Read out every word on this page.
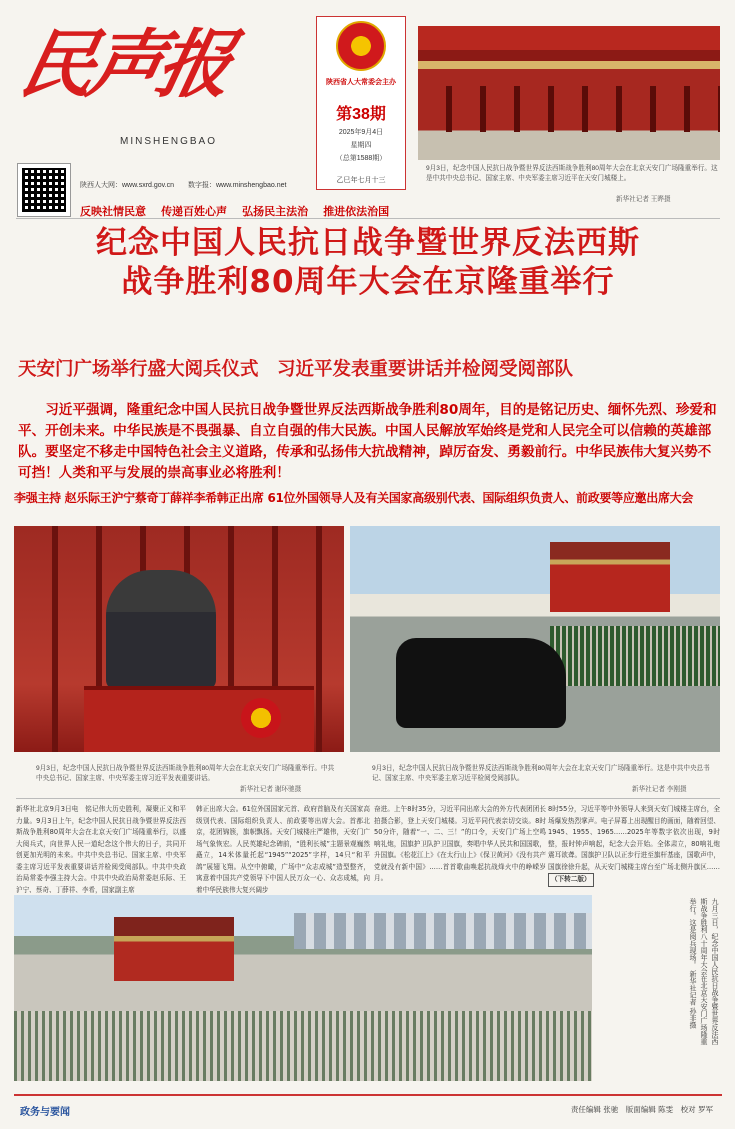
民声报
MINSHENGBAO
陕西省人大常委会主办
第38期
2025年9月4日
星期四
（总第1588期）
乙巳年七月十三
陕西人大网：www.sxrd.gov.cn　　数字报：www.minshengbao.net
反映社情民意 传递百姓心声 弘扬民主法治 推进依法治国
9月3日，纪念中国人民抗日战争暨世界反法西斯战争胜利80周年大会在北京天安门广场隆重举行。这是中共中央总书记、国家主席、中央军委主席习近平在天安门城楼上。
新华社记者 王晔摄
纪念中国人民抗日战争暨世界反法西斯
战争胜利80周年大会在京隆重举行
天安门广场举行盛大阅兵仪式　习近平发表重要讲话并检阅受阅部队
习近平强调，隆重纪念中国人民抗日战争暨世界反法西斯战争胜利80周年，目的是铭记历史、缅怀先烈、珍爱和平、开创未来。中华民族是不畏强暴、自立自强的伟大民族。中国人民解放军始终是党和人民完全可以信赖的英雄部队。要坚定不移走中国特色社会主义道路，传承和弘扬伟大抗战精神，踔厉奋发、勇毅前行。中华民族伟大复兴势不可挡！人类和平与发展的崇高事业必将胜利！
李强主持 赵乐际王沪宁蔡奇丁薛祥李希韩正出席 61位外国领导人及有关国家高级别代表、国际组织负责人、前政要等应邀出席大会
9月3日，纪念中国人民抗日战争暨世界反法西斯战争胜利80周年大会在北京天安门广场隆重举行。中共中央总书记、国家主席、中央军委主席习近平发表重要讲话。
新华社记者 谢环驰摄
9月3日，纪念中国人民抗日战争暨世界反法西斯战争胜利80周年大会在北京天安门广场隆重举行。这是中共中央总书记、国家主席、中央军委主席习近平检阅受阅部队。
新华社记者 李刚摄
新华社北京9月3日电　铭记伟大历史胜利，凝聚正义和平力量。9月3日上午，纪念中国人民抗日战争暨世界反法西斯战争胜利80周年大会在北京天安门广场隆重举行，以盛大阅兵式，向世界人民一道纪念这个伟大的日子，共同开创更加光明的未来。中共中央总书记、国家主席、中央军委主席习近平发表重要讲话并检阅受阅部队。中共中央政治局常委李强主持大会。中共中央政治局常委赵乐际、王沪宁、蔡奇、丁薛祥、李希，国家副主席
韩正出席大会。61位外国国家元首、政府首脑及有关国家高级别代表、国际组织负责人、前政要等出席大会。首都北京，花团锦簇，旗帜飘扬。天安门城楼庄严雄伟，天安门广场气象恢宏。人民英雄纪念碑前，“胜利长城”主题景观巍然矗立，14米体量托起“1945”“2025”字样，14只“和平鸽”展翅飞翔。从空中俯瞰，广场中“众志成城”造型整齐，寓意着中国共产党领导下中国人民万众一心、众志成城，向着中华民族伟大复兴阔步
奋进。上午8时35分，习近平同出席大会的外方代表团团长拍摄合影，登上天安门城楼。习近平同代表亲切交谈。8时50分许，随着“一、二、三！”的口令，天安门广场上空鸣响礼炮，国旗护卫队护卫国旗，奏唱中华人民共和国国歌，升国旗。《松花江上》《在太行山上》《保卫黄河》《没有共产党就没有新中国》……首首歌曲唤起抗战烽火中的峥嵘岁月。
8时55分，习近平等中外领导人来到天安门城楼主席台，全场爆发热烈掌声。电子屏幕上出现醒目的画面，随着回望、1945、1955、1965……2025年等数字依次出现，9时整，报时钟声响起，纪念大会开始。全体肃立，80响礼炮震耳欲聋。国旗护卫队以正步行进至旗杆基座，国歌声中，国旗徐徐升起，从天安门城楼主席台至广场北侧升旗区…… （下转二版）
九月三日，纪念中国人民抗日战争暨世界反法西斯战争胜利八十周年大会在北京天安门广场隆重举行。这是阅兵现场。 新华社记者 孙非摄
政务与要闻	责任编辑 张驰　版面编辑 陈雯　校对 罗军
